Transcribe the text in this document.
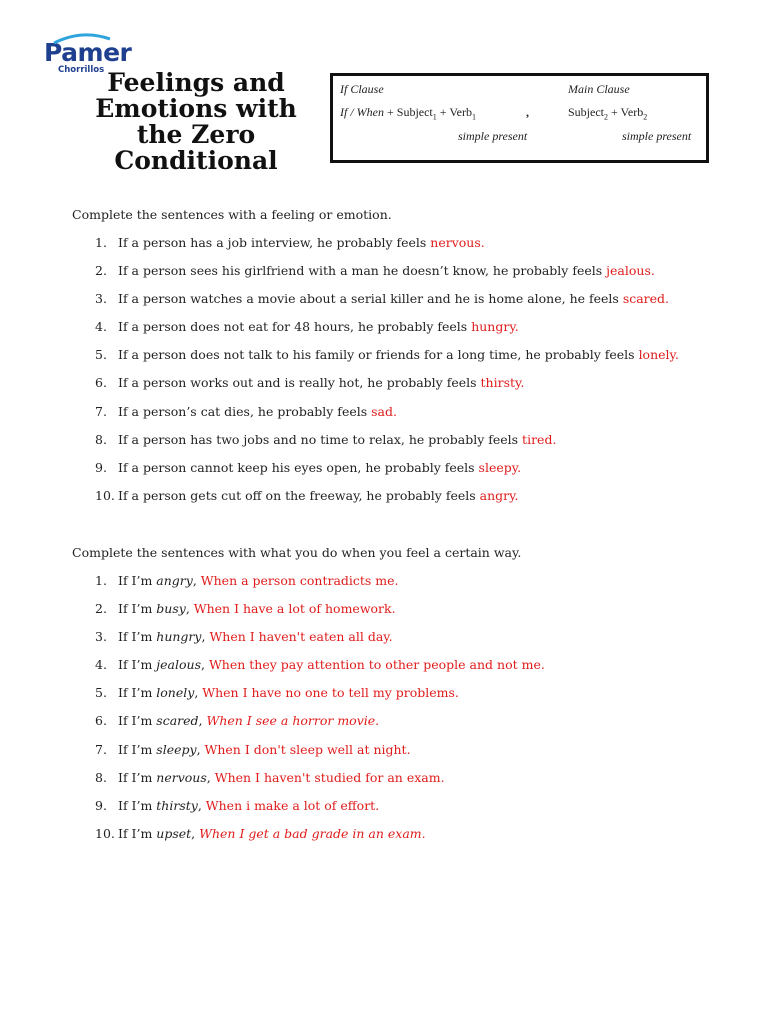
Pamer
Chorrillos Feelings and
Emotions with
the Zero
Conditional
If Clause	Main Clause
If / When + Subject$_1$ + Verb$_1$	,	Subject$_2$ + Verb$_2$
simple present	simple present
Complete the sentences with a feeling or emotion.
1. If a person has a job interview, he probably feels nervous.
2. If a person sees his girlfriend with a man he doesn’t know, he probably feels jealous.
3. If a person watches a movie about a serial killer and he is home alone, he feels scared.
4. If a person does not eat for 48 hours, he probably feels hungry.
5. If a person does not talk to his family or friends for a long time, he probably feels lonely.
6. If a person works out and is really hot, he probably feels thirsty.
7. If a person’s cat dies, he probably feels sad.
8. If a person has two jobs and no time to relax, he probably feels tired.
9. If a person cannot keep his eyes open, he probably feels sleepy.
10. If a person gets cut off on the freeway, he probably feels angry.
Complete the sentences with what you do when you feel a certain way.
1. If I’m angry, When a person contradicts me.
2. If I’m busy, When I have a lot of homework.
3. If I’m hungry, When I haven't eaten all day.
4. If I’m jealous, When they pay attention to other people and not me.
5. If I’m lonely, When I have no one to tell my problems.
6. If I’m scared, When I see a horror movie.
7. If I’m sleepy, When I don't sleep well at night.
8. If I’m nervous, When I haven't studied for an exam.
9. If I’m thirsty, When i make a lot of effort.
10. If I’m upset, When I get a bad grade in an exam.
